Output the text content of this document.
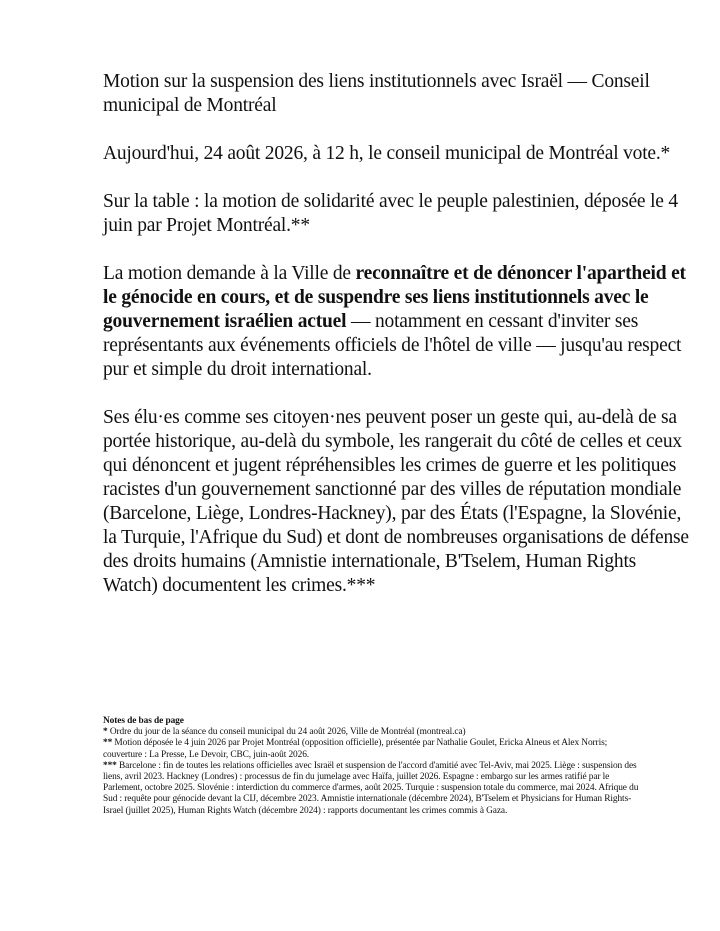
Motion sur la suspension des liens institutionnels avec Israël — Conseil municipal de Montréal

Aujourd'hui, 24 août 2026, à 12 h, le conseil municipal de Montréal vote.*

Sur la table : la motion de solidarité avec le peuple palestinien, déposée le 4 juin par Projet Montréal.**

La motion demande à la Ville de reconnaître et de dénoncer l'apartheid et le génocide en cours, et de suspendre ses liens institutionnels avec le gouvernement israélien actuel — notamment en cessant d'inviter ses représentants aux événements officiels de l'hôtel de ville — jusqu'au respect pur et simple du droit international.

Ses élu·es comme ses citoyen·nes peuvent poser un geste qui, au-delà de sa portée historique, au-delà du symbole, les rangerait du côté de celles et ceux qui dénoncent et jugent répréhensibles les crimes de guerre et les politiques racistes d'un gouvernement sanctionné par des villes de réputation mondiale (Barcelone, Liège, Londres-Hackney), par des États (l'Espagne, la Slovénie, la Turquie, l'Afrique du Sud) et dont de nombreuses organisations de défense des droits humains (Amnistie internationale, B'Tselem, Human Rights Watch) documentent les crimes.***

Notes de bas de page

* Ordre du jour de la séance du conseil municipal du 24 août 2026, Ville de Montréal (montreal.ca)

** Motion déposée le 4 juin 2026 par Projet Montréal (opposition officielle), présentée par Nathalie Goulet, Ericka Alneus et Alex Norris; couverture : La Presse, Le Devoir, CBC, juin-août 2026.

*** Barcelone : fin de toutes les relations officielles avec Israël et suspension de l'accord d'amitié avec Tel-Aviv, mai 2025. Liège : suspension des liens, avril 2023. Hackney (Londres) : processus de fin du jumelage avec Haïfa, juillet 2026. Espagne : embargo sur les armes ratifié par le Parlement, octobre 2025. Slovénie : interdiction du commerce d'armes, août 2025. Turquie : suspension totale du commerce, mai 2024. Afrique du Sud : requête pour génocide devant la CIJ, décembre 2023. Amnistie internationale (décembre 2024), B'Tselem et Physicians for Human Rights-Israel (juillet 2025), Human Rights Watch (décembre 2024) : rapports documentant les crimes commis à Gaza.
